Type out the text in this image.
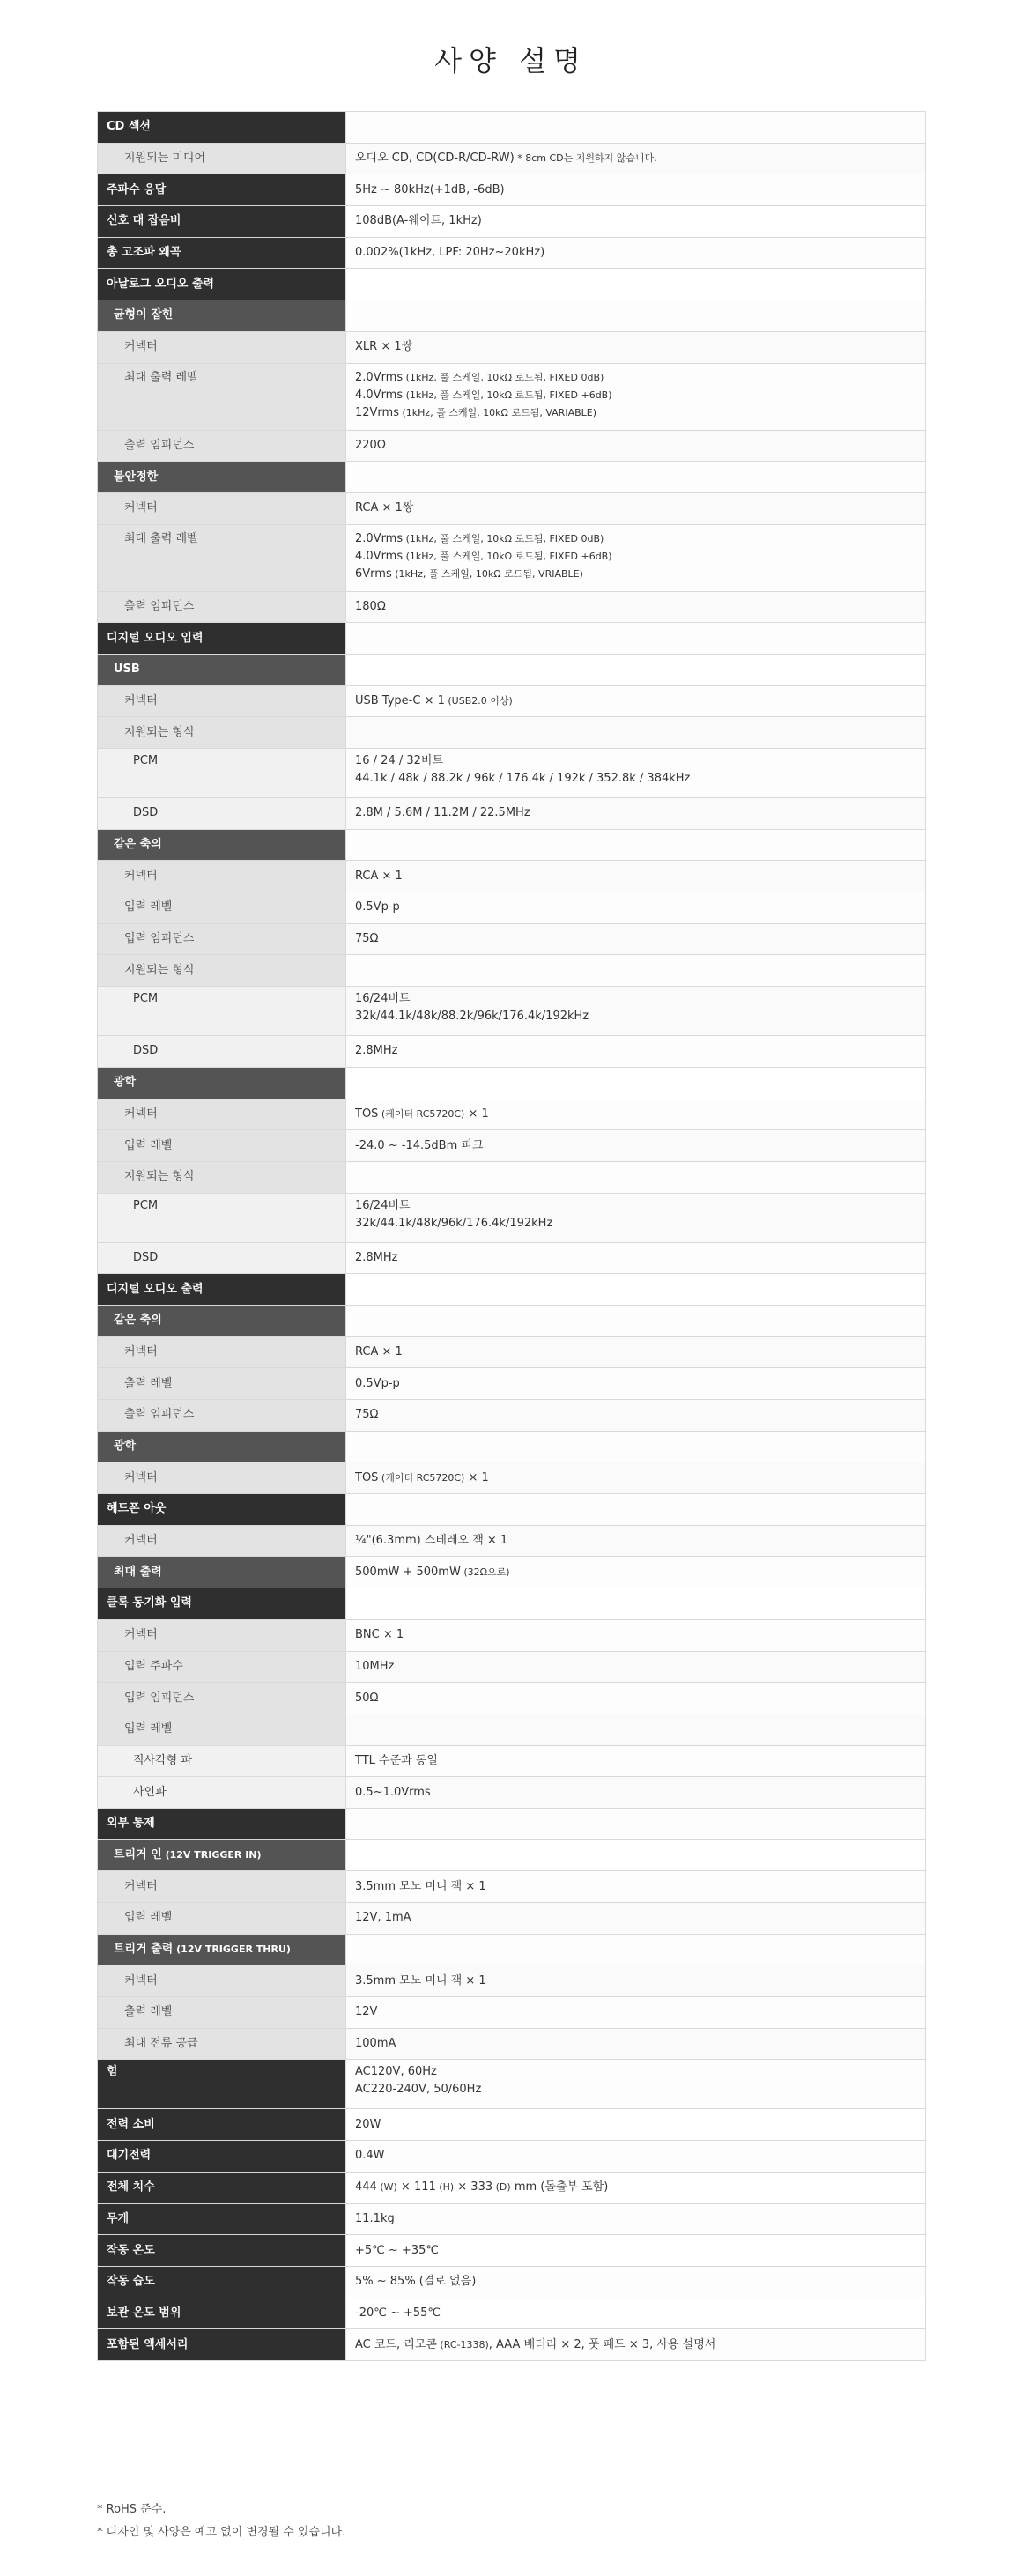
사양 설명
CD 섹션	
지원되는 미디어	오디오 CD, CD(CD-R/CD-RW) * 8cm CD는 지원하지 않습니다.
주파수 응답	5Hz ~ 80kHz(+1dB, -6dB)
신호 대 잡음비	108dB(A-웨이트, 1kHz)
총 고조파 왜곡	0.002%(1kHz, LPF: 20Hz~20kHz)
아날로그 오디오 출력	
균형이 잡힌	
커넥터	XLR × 1쌍
최대 출력 레벨	2.0Vrms (1kHz, 풀 스케일, 10kΩ 로드됨, FIXED 0dB)
4.0Vrms (1kHz, 풀 스케일, 10kΩ 로드됨, FIXED +6dB)
12Vrms (1kHz, 풀 스케일, 10kΩ 로드됨, VARIABLE)

출력 임피던스	220Ω
불안정한	
커넥터	RCA × 1쌍
최대 출력 레벨	2.0Vrms (1kHz, 풀 스케일, 10kΩ 로드됨, FIXED 0dB)
4.0Vrms (1kHz, 풀 스케일, 10kΩ 로드됨, FIXED +6dB)
6Vrms (1kHz, 풀 스케일, 10kΩ 로드됨, VRIABLE)

출력 임피던스	180Ω
디지털 오디오 입력	
USB	
커넥터	USB Type-C × 1 (USB2.0 이상)
지원되는 형식	
PCM	16 / 24 / 32비트
44.1k / 48k / 88.2k / 96k / 176.4k / 192k / 352.8k / 384kHz

DSD	2.8M / 5.6M / 11.2M / 22.5MHz
같은 축의	
커넥터	RCA × 1
입력 레벨	0.5Vp-p
입력 임피던스	75Ω
지원되는 형식	
PCM	16/24비트
32k/44.1k/48k/88.2k/96k/176.4k/192kHz

DSD	2.8MHz
광학	
커넥터	TOS (케이터 RC5720C) × 1
입력 레벨	-24.0 ~ -14.5dBm 피크
지원되는 형식	
PCM	16/24비트
32k/44.1k/48k/96k/176.4k/192kHz

DSD	2.8MHz
디지털 오디오 출력	
같은 축의	
커넥터	RCA × 1
출력 레벨	0.5Vp-p
출력 임피던스	75Ω
광학	
커넥터	TOS (케이터 RC5720C) × 1
헤드폰 아웃	
커넥터	¼"(6.3mm) 스테레오 잭 × 1
최대 출력	500mW + 500mW (32Ω으로)
클록 동기화 입력	
커넥터	BNC × 1
입력 주파수	10MHz
입력 임피던스	50Ω
입력 레벨	
직사각형 파	TTL 수준과 동일
사인파	0.5~1.0Vrms
외부 통제	
트리거 인 (12V TRIGGER IN)	
커넥터	3.5mm 모노 미니 잭 × 1
입력 레벨	12V, 1mA
트리거 출력 (12V TRIGGER THRU)	
커넥터	3.5mm 모노 미니 잭 × 1
출력 레벨	12V
최대 전류 공급	100mA
힘	AC120V, 60Hz
AC220-240V, 50/60Hz

전력 소비	20W
대기전력	0.4W
전체 치수	444 (W) × 111 (H) × 333 (D) mm (돌출부 포함)
무게	11.1kg
작동 온도	+5℃ ~ +35℃
작동 습도	5% ~ 85% (결로 없음)
보관 온도 범위	-20℃ ~ +55℃
포함된 액세서리	AC 코드, 리모콘 (RC-1338), AAA 배터리 × 2, 풋 패드 × 3, 사용 설명서
* RoHS 준수.
* 디자인 및 사양은 예고 없이 변경될 수 있습니다.
